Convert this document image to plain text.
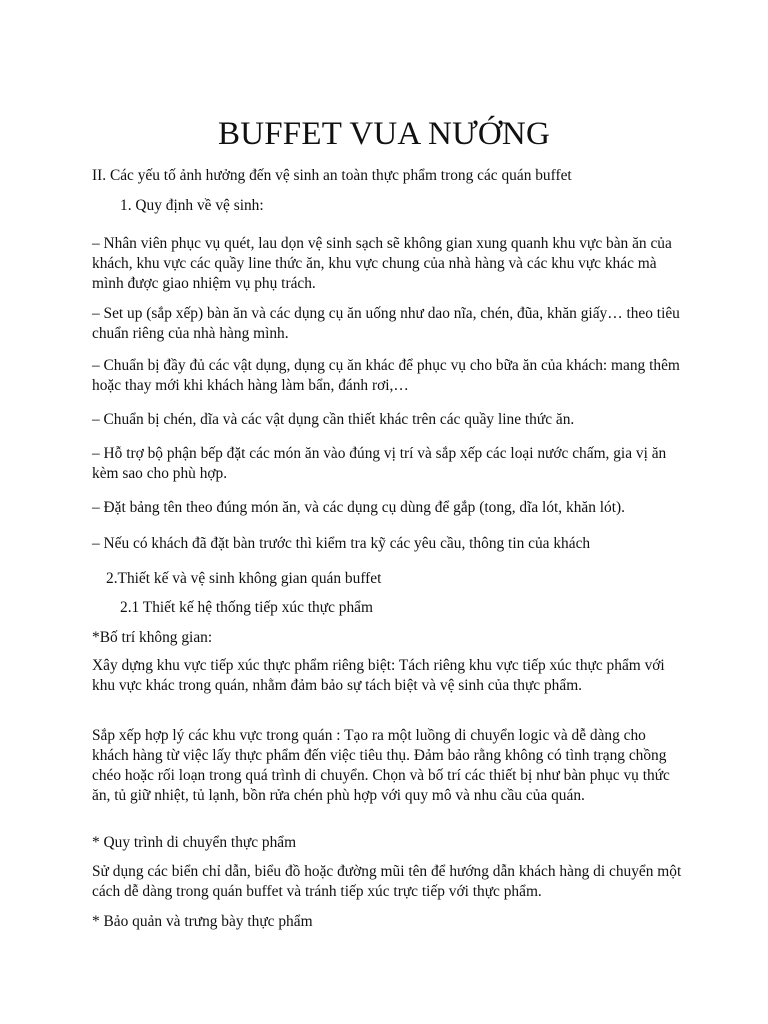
BUFFET VUA NƯỚNG

II. Các yếu tố ảnh hưởng đến vệ sinh an toàn thực phẩm trong các quán buffet

1. Quy định về vệ sinh:

– Nhân viên phục vụ quét, lau dọn vệ sinh sạch sẽ không gian xung quanh khu vực bàn ăn của khách, khu vực các quầy line thức ăn, khu vực chung của nhà hàng và các khu vực khác mà mình được giao nhiệm vụ phụ trách.

– Set up (sắp xếp) bàn ăn và các dụng cụ ăn uống như dao nĩa, chén, đũa, khăn giấy… theo tiêu chuẩn riêng của nhà hàng mình.

– Chuẩn bị đầy đủ các vật dụng, dụng cụ ăn khác để phục vụ cho bữa ăn của khách: mang thêm hoặc thay mới khi khách hàng làm bẩn, đánh rơi,…

– Chuẩn bị chén, dĩa và các vật dụng cần thiết khác trên các quầy line thức ăn.

– Hỗ trợ bộ phận bếp đặt các món ăn vào đúng vị trí và sắp xếp các loại nước chấm, gia vị ăn kèm sao cho phù hợp.

– Đặt bảng tên theo đúng món ăn, và các dụng cụ dùng để gắp (tong, dĩa lót, khăn lót).

– Nếu có khách đã đặt bàn trước thì kiểm tra kỹ các yêu cầu, thông tin của khách

2.Thiết kế và vệ sinh không gian quán buffet

2.1 Thiết kế hệ thống tiếp xúc thực phẩm

*Bố trí không gian:

Xây dựng khu vực tiếp xúc thực phẩm riêng biệt: Tách riêng khu vực tiếp xúc thực phẩm với khu vực khác trong quán, nhằm đảm bảo sự tách biệt và vệ sinh của thực phẩm.

Sắp xếp hợp lý các khu vực trong quán : Tạo ra một luồng di chuyển logic và dễ dàng cho khách hàng từ việc lấy thực phẩm đến việc tiêu thụ. Đảm bảo rằng không có tình trạng chồng chéo hoặc rối loạn trong quá trình di chuyển. Chọn và bố trí các thiết bị như bàn phục vụ thức ăn, tủ giữ nhiệt, tủ lạnh, bồn rửa chén phù hợp với quy mô và nhu cầu của quán.

* Quy trình di chuyển thực phẩm

Sử dụng các biển chỉ dẫn, biểu đồ hoặc đường mũi tên để hướng dẫn khách hàng di chuyển một cách dễ dàng trong quán buffet và tránh tiếp xúc trực tiếp với thực phẩm.

* Bảo quản và trưng bày thực phẩm
